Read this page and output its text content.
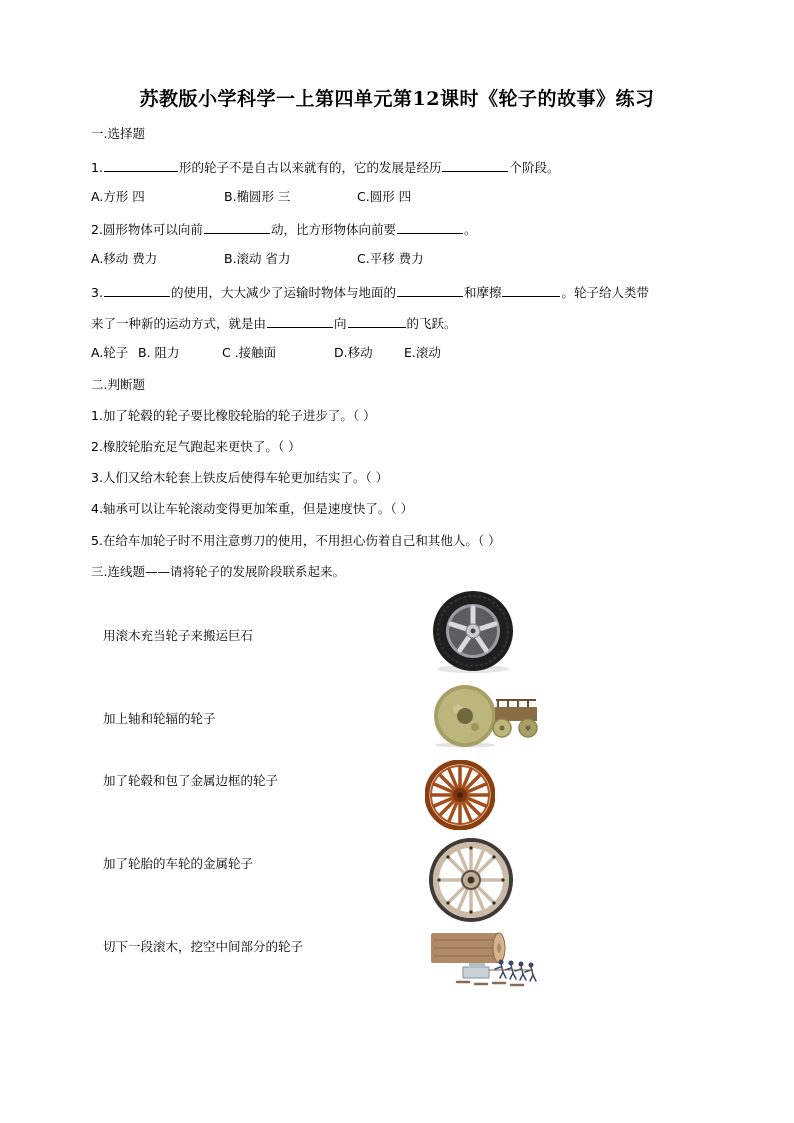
苏教版小学科学一上第四单元第12课时《轮子的故事》练习
一.选择题
1.	形的轮子不是自古以来就有的，它的发展是经历	个阶段。
A.方形 四	B.椭圆形 三	C.圆形 四
2.圆形物体可以向前	动，比方形物体向前要	。
A.移动 费力	B.滚动 省力	C.平移 费力
3.	的使用，大大减少了运输时物体与地面的	和摩擦	。轮子给人类带
来了一种新的运动方式，就是由	向	的飞跃。
A.轮子 B. 阻力	C .接触面	D.移动	E.滚动
二.判断题
1.加了轮毂的轮子要比橡胶轮胎的轮子进步了。（ ）
2.橡胶轮胎充足气跑起来更快了。（ ）
3.人们又给木轮套上铁皮后使得车轮更加结实了。（ ）
4.轴承可以让车轮滚动变得更加笨重，但是速度快了。（ ）
5.在给车加轮子时不用注意剪刀的使用，不用担心伤着自己和其他人。（ ）
三.连线题——请将轮子的发展阶段联系起来。
用滚木充当轮子来搬运巨石
加上轴和轮辐的轮子
加了轮毂和包了金属边框的轮子
加了轮胎的车轮的金属轮子
切下一段滚木，挖空中间部分的轮子
